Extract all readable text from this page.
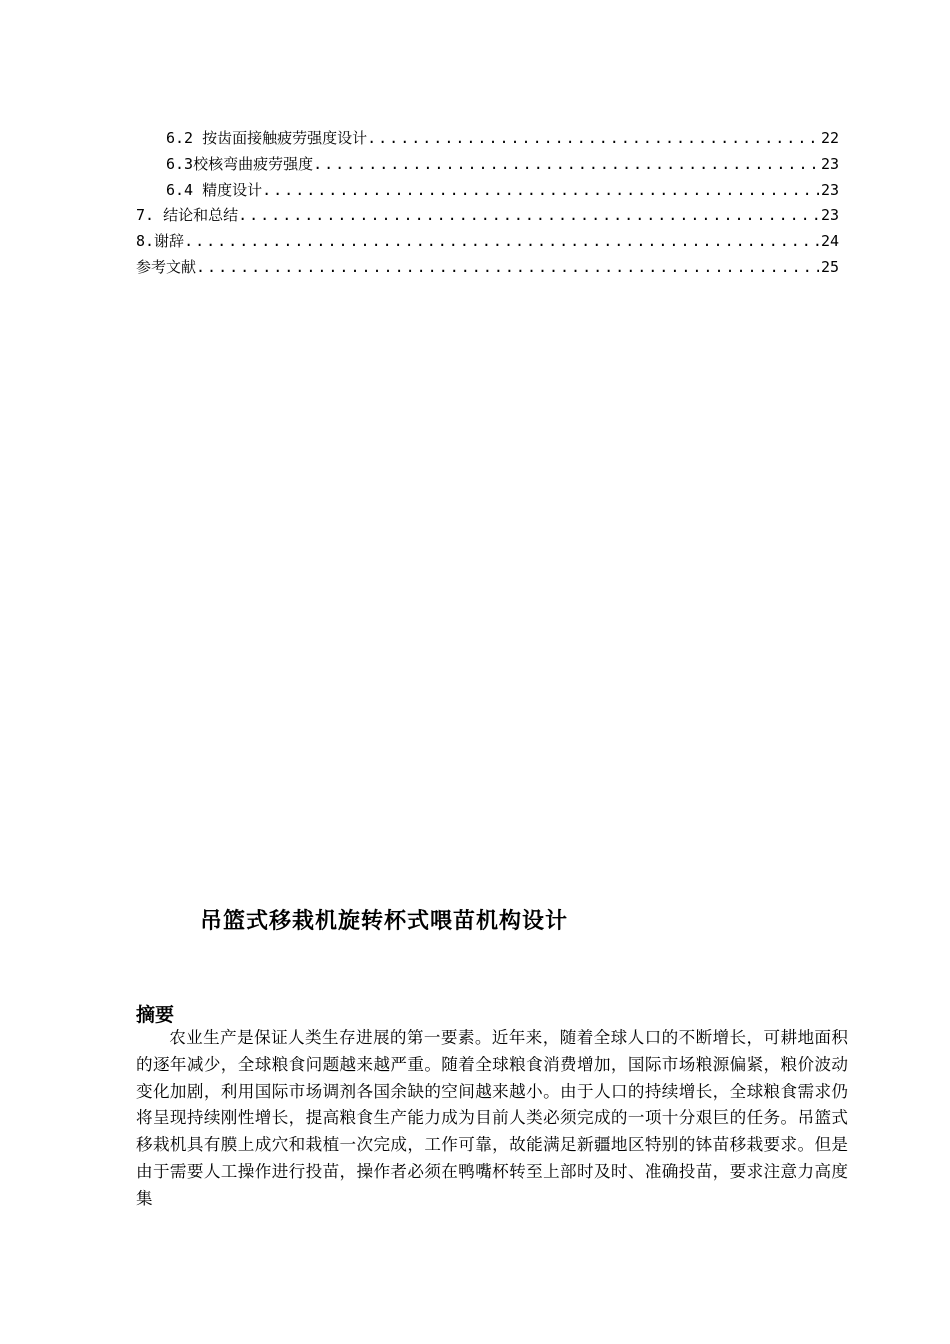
6.2 按齿面接触疲劳强度设计 .....	22
6.3校核弯曲疲劳强度 .....	23
6.4 精度设计 .....	23
7. 结论和总结 .....	23
8.谢辞 .....	24
参考文献 .....	25
吊篮式移栽机旋转杯式喂苗机构设计
摘要

农业生产是保证人类生存进展的第一要素。近年来，随着全球人口的不断增长，可耕地面积的逐年减少，全球粮食问题越来越严重。随着全球粮食消费增加，国际市场粮源偏紧，粮价波动变化加剧，利用国际市场调剂各国余缺的空间越来越小。由于人口的持续增长，全球粮食需求仍将呈现持续刚性增长，提高粮食生产能力成为目前人类必须完成的一项十分艰巨的任务。吊篮式移栽机具有膜上成穴和栽植一次完成，工作可靠，故能满足新疆地区特别的钵苗移栽要求。但是由于需要人工操作进行投苗，操作者必须在鸭嘴杯转至上部时及时、准确投苗，要求注意力高度集
